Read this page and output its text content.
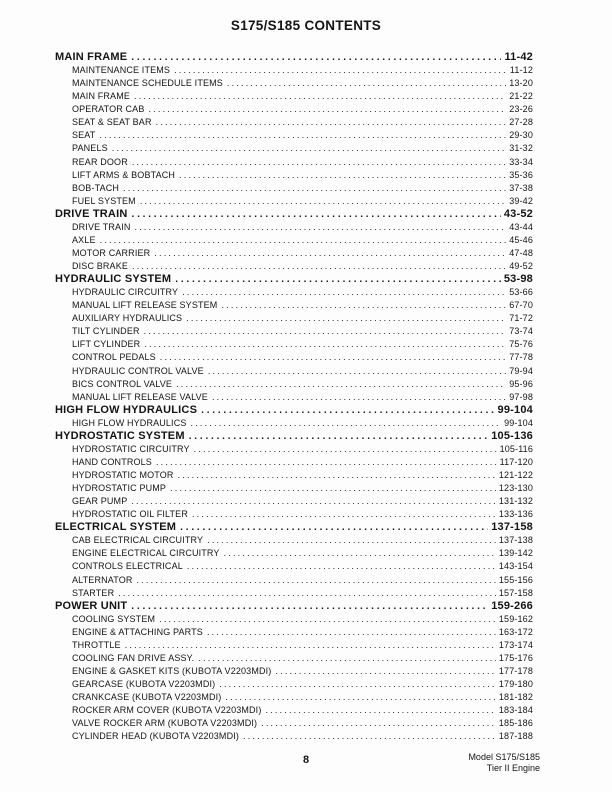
S175/S185 CONTENTS
MAIN FRAME .....	11-42
MAINTENANCE ITEMS .....	11-12
MAINTENANCE SCHEDULE ITEMS .....	13-20
MAIN FRAME .....	21-22
OPERATOR CAB .....	23-26
SEAT & SEAT BAR .....	27-28
SEAT .....	29-30
PANELS .....	31-32
REAR DOOR .....	33-34
LIFT ARMS & BOBTACH .....	35-36
BOB-TACH .....	37-38
FUEL SYSTEM .....	39-42
DRIVE TRAIN .....	43-52
DRIVE TRAIN .....	43-44
AXLE .....	45-46
MOTOR CARRIER .....	47-48
DISC BRAKE .....	49-52
HYDRAULIC SYSTEM .....	53-98
HYDRAULIC CIRCUITRY .....	53-66
MANUAL LIFT RELEASE SYSTEM .....	67-70
AUXILIARY HYDRAULICS .....	71-72
TILT CYLINDER .....	73-74
LIFT CYLINDER .....	75-76
CONTROL PEDALS .....	77-78
HYDRAULIC CONTROL VALVE .....	79-94
BICS CONTROL VALVE .....	95-96
MANUAL LIFT RELEASE VALVE .....	97-98
HIGH FLOW HYDRAULICS .....	99-104
HIGH FLOW HYDRAULICS .....	99-104
HYDROSTATIC SYSTEM .....	105-136
HYDROSTATIC CIRCUITRY .....	105-116
HAND CONTROLS .....	117-120
HYDROSTATIC MOTOR .....	121-122
HYDROSTATIC PUMP .....	123-130
GEAR PUMP .....	131-132
HYDROSTATIC OIL FILTER .....	133-136
ELECTRICAL SYSTEM .....	137-158
CAB ELECTRICAL CIRCUITRY .....	137-138
ENGINE ELECTRICAL CIRCUITRY .....	139-142
CONTROLS ELECTRICAL .....	143-154
ALTERNATOR .....	155-156
STARTER .....	157-158
POWER UNIT .....	159-266
COOLING SYSTEM .....	159-162
ENGINE & ATTACHING PARTS .....	163-172
THROTTLE .....	173-174
COOLING FAN DRIVE ASSY. .....	175-176
ENGINE & GASKET KITS (KUBOTA V2203MDI) .....	177-178
GEARCASE (KUBOTA V2203MDI) .....	179-180
CRANKCASE (KUBOTA V2203MDI) .....	181-182
ROCKER ARM COVER (KUBOTA V2203MDI) .....	183-184
VALVE ROCKER ARM (KUBOTA V2203MDI) .....	185-186
CYLINDER HEAD (KUBOTA V2203MDI) .....	187-188
8	Model S175/S185
Tier II Engine
